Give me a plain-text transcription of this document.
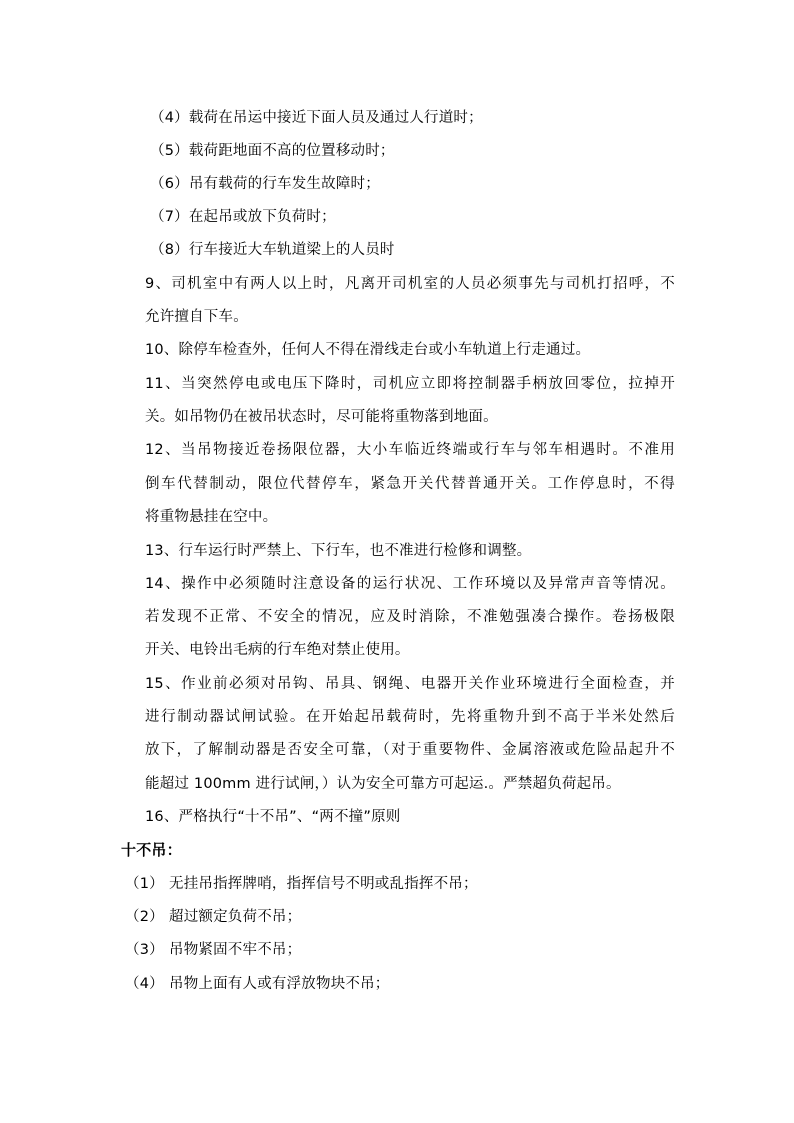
（4）载荷在吊运中接近下面人员及通过人行道时；
（5）载荷距地面不高的位置移动时；
（6）吊有载荷的行车发生故障时；
（7）在起吊或放下负荷时；
（8）行车接近大车轨道梁上的人员时
9、司机室中有两人以上时，凡离开司机室的人员必须事先与司机打招呼，不
允许擅自下车。
10、除停车检查外，任何人不得在滑线走台或小车轨道上行走通过。
11、当突然停电或电压下降时，司机应立即将控制器手柄放回零位，拉掉开
关。如吊物仍在被吊状态时，尽可能将重物落到地面。
12、当吊物接近卷扬限位器，大小车临近终端或行车与邻车相遇时。不准用
倒车代替制动，限位代替停车，紧急开关代替普通开关。工作停息时，不得
将重物悬挂在空中。
13、行车运行时严禁上、下行车，也不准进行检修和调整。
14、操作中必须随时注意设备的运行状况、工作环境以及异常声音等情况。
若发现不正常、不安全的情况，应及时消除，不准勉强凑合操作。卷扬极限
开关、电铃出毛病的行车绝对禁止使用。
15、作业前必须对吊钩、吊具、钢绳、电器开关作业环境进行全面检查，并
进行制动器试闸试验。在开始起吊载荷时，先将重物升到不高于半米处然后
放下，了解制动器是否安全可靠，（对于重要物件、金属溶液或危险品起升不
能超过 100mm 进行试闸，）认为安全可靠方可起运.。严禁超负荷起吊。
16、严格执行“十不吊”、“两不撞”原则
十不吊：
（1） 无挂吊指挥牌哨，指挥信号不明或乱指挥不吊；
（2） 超过额定负荷不吊；
（3） 吊物紧固不牢不吊；
（4） 吊物上面有人或有浮放物块不吊；
